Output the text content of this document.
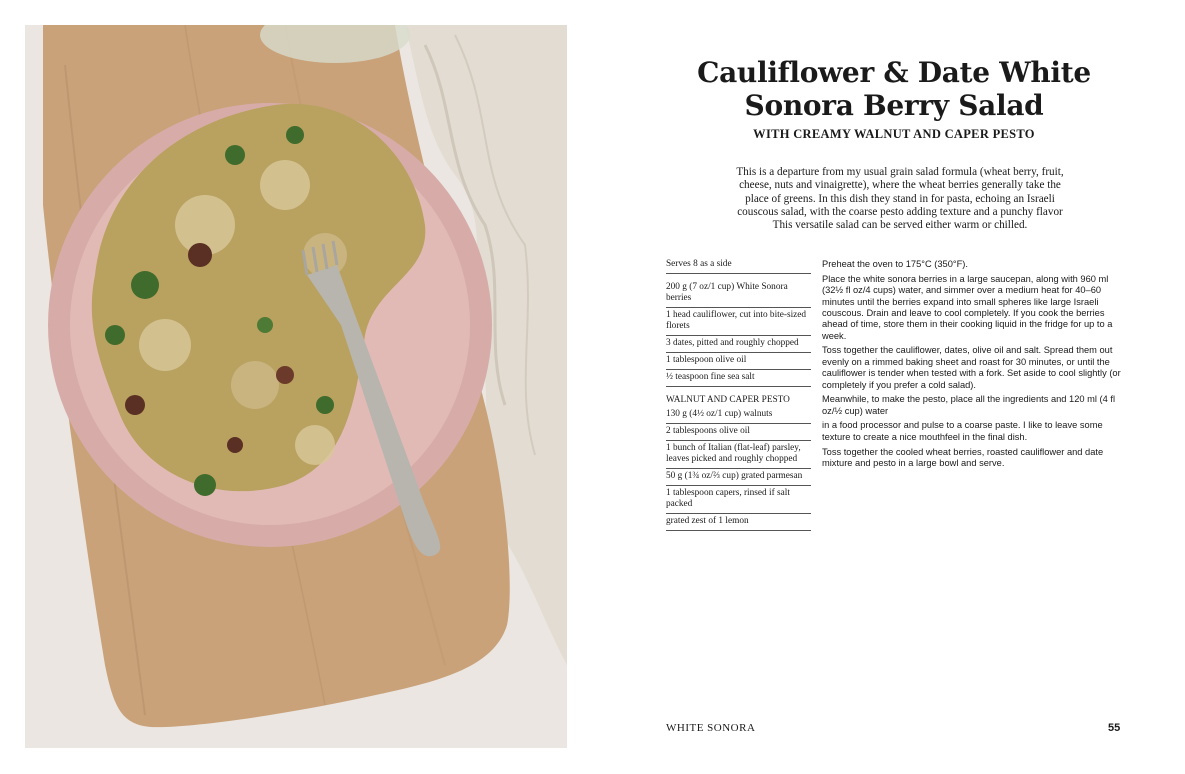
Cauliflower & Date White
Sonora Berry Salad
WITH CREAMY WALNUT AND CAPER PESTO
This is a departure from my usual grain salad formula (wheat berry, fruit,
cheese, nuts and vinaigrette), where the wheat berries generally take the
place of greens. In this dish they stand in for pasta, echoing an Israeli
couscous salad, with the coarse pesto adding texture and a punchy flavor
This versatile salad can be served either warm or chilled.
Serves 8 as a side
200 g (7 oz/1 cup) White Sonora berries
1 head cauliflower, cut into bite-sized florets
3 dates, pitted and roughly chopped
1 tablespoon olive oil
½ teaspoon fine sea salt
WALNUT AND CAPER PESTO
130 g (4½ oz/1 cup) walnuts
2 tablespoons olive oil
1 bunch of Italian (flat-leaf) parsley, leaves picked and roughly chopped
50 g (1¾ oz/⅔ cup) grated parmesan
1 tablespoon capers, rinsed if salt packed
grated zest of 1 lemon

Preheat the oven to 175°C (350°F).

Place the white sonora berries in a large saucepan, along with 960 ml (32½ fl oz/4 cups) water, and simmer over a medium heat for 40–60 minutes until the berries expand into small spheres like large Israeli couscous. Drain and leave to cool completely. If you cook the berries ahead of time, store them in their cooking liquid in the fridge for up to a week.

Toss together the cauliflower, dates, olive oil and salt. Spread them out evenly on a rimmed baking sheet and roast for 30 minutes, or until the cauliflower is tender when tested with a fork. Set aside to cool slightly (or completely if you prefer a cold salad).

Meanwhile, to make the pesto, place all the ingredients and 120 ml (4 fl oz/½ cup) water

in a food processor and pulse to a coarse paste. I like to leave some texture to create a nice mouthfeel in the final dish.

Toss together the cooled wheat berries, roasted cauliflower and date mixture and pesto in a large bowl and serve.

WHITE SONORA	55
